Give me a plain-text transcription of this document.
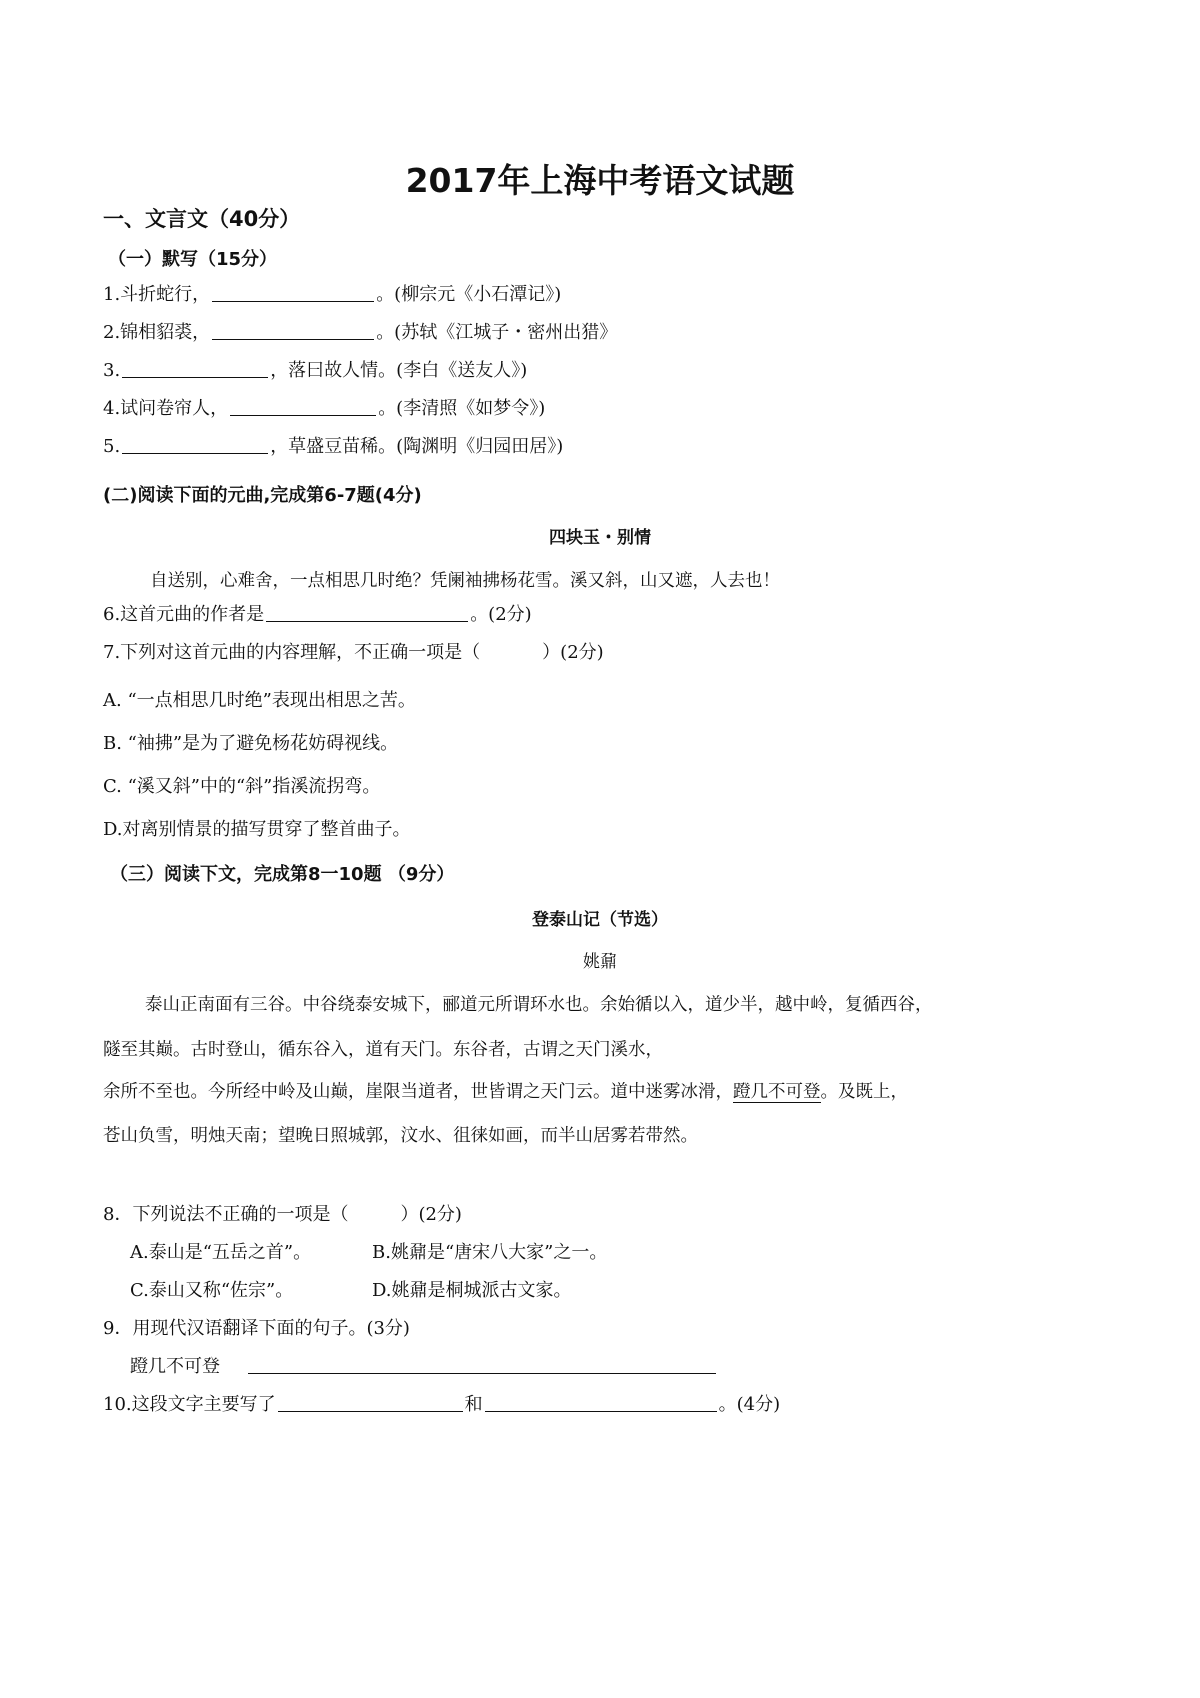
2017年上海中考语文试题
一、文言文（40分）
（一）默写（15分）
1.斗折蛇行，	。(柳宗元《小石潭记》)
2.锦相貂裘，	。(苏轼《江城子・密州出猎》
3.	，落曰故人情。(李白《送友人》)
4.试问卷帘人，	。(李清照《如梦令》)
5.	，草盛豆苗稀。(陶渊明《归园田居》)
(二)阅读下面的元曲,完成第6-7题(4分)
四块玉・别情
自送别，心难舍，一点相思几时绝？凭阑袖拂杨花雪。溪又斜，山又遮，人去也！
6.这首元曲的作者是	。(2分)
7.下列对这首元曲的内容理解，不正确一项是（	）(2分)
A. “一点相思几时绝”表现出相思之苦。
B. “袖拂”是为了避免杨花妨碍视线。
C. “溪又斜”中的“斜”指溪流拐弯。
D.对离别情景的描写贯穿了整首曲子。
（三）阅读下文，完成第8一10题 （9分）
登泰山记（节选）
姚鼐
泰山正南面有三谷。中谷绕泰安城下，郦道元所谓环水也。余始循以入，道少半，越中岭，复循西谷，
隧至其巅。古时登山，循东谷入，道有天门。东谷者，古谓之天门溪水，
余所不至也。今所经中岭及山巅，崖限当道者，世皆谓之天门云。道中迷雾冰滑，蹬几不可登。及既上，
苍山负雪，明烛天南；望晚日照城郭，汶水、徂徕如画，而半山居雾若带然。
8．下列说法不正确的一项是（	）(2分)
A.泰山是“五岳之首”。	B.姚鼐是“唐宋八大家”之一。
C.泰山又称“佐宗”。	D.姚鼐是桐城派古文家。
9．用现代汉语翻译下面的句子。(3分)
蹬几不可登
10.这段文字主要写了	和	。(4分)
